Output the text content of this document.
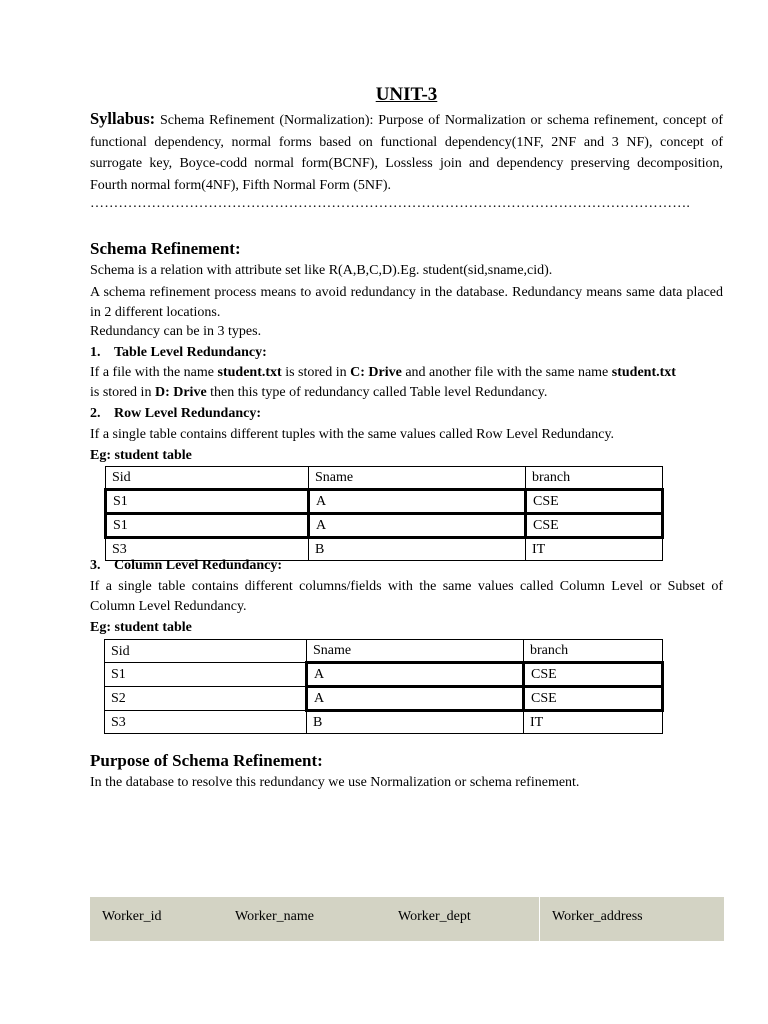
UNIT-3
Syllabus: Schema Refinement (Normalization): Purpose of Normalization or schema refinement, concept of functional dependency, normal forms based on functional dependency(1NF, 2NF and 3 NF), concept of surrogate key, Boyce-codd normal form(BCNF), Lossless join and dependency preserving decomposition, Fourth normal form(4NF), Fifth Normal Form (5NF).
……………………………………………………………………………………………………………….
Schema Refinement:
Schema is a relation with attribute set like R(A,B,C,D).Eg. student(sid,sname,cid).
A schema refinement process means to avoid redundancy in the database. Redundancy means same data placed in 2 different locations.
Redundancy can be in 3 types.
1. Table Level Redundancy:
If a file with the name student.txt is stored in C: Drive and another file with the same name student.txt
is stored in D: Drive then this type of redundancy called Table level Redundancy.
2. Row Level Redundancy:
If a single table contains different tuples with the same values called Row Level Redundancy.
Eg: student table
Sid	Sname	branch
S1	A	CSE
S1	A	CSE
S3	B	IT
3. Column Level Redundancy:
If a single table contains different columns/fields with the same values called Column Level or Subset of Column Level Redundancy.
Eg: student table
Sid	Sname	branch
S1	A	CSE
S2	A	CSE
S3	B	IT
Purpose of Schema Refinement:
In the database to resolve this redundancy we use Normalization or schema refinement.
Worker_id	Worker_name	Worker_dept	Worker_address
